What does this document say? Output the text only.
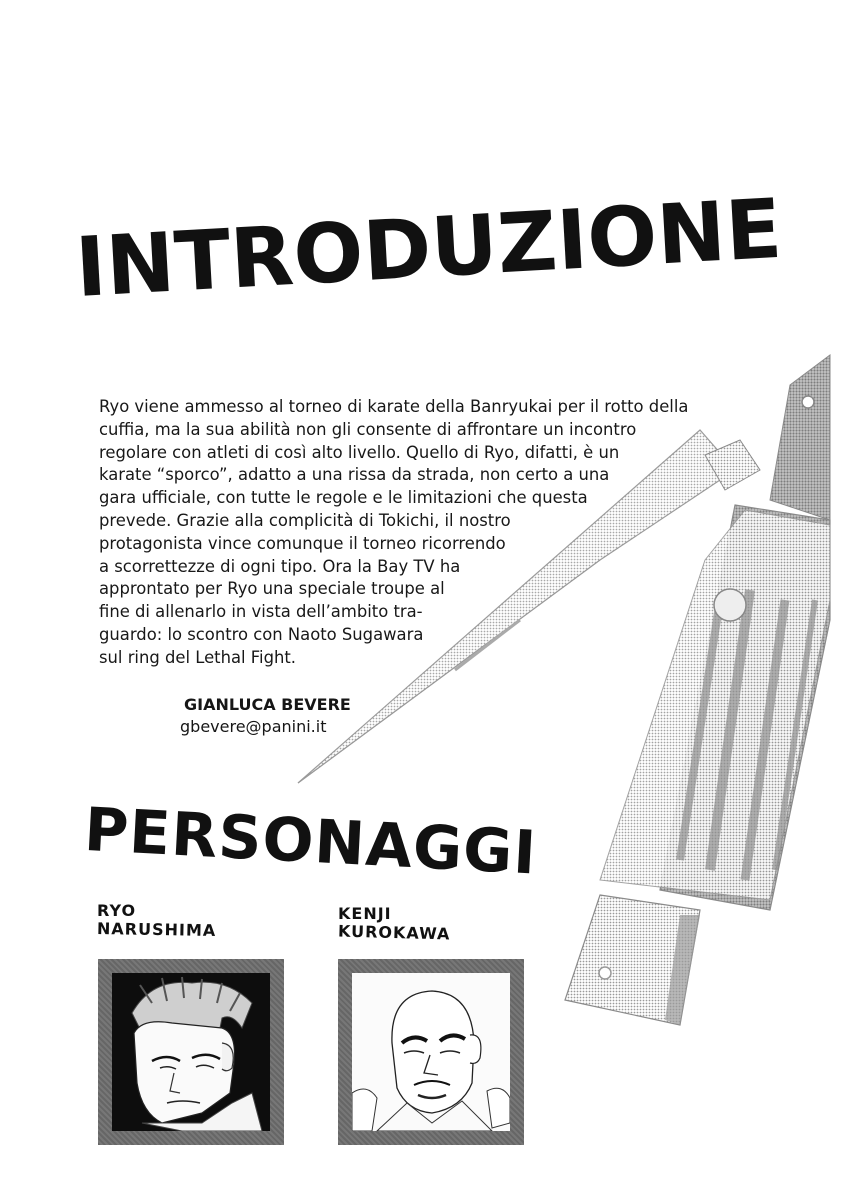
INTRODUZIONE
Ryo viene ammesso al torneo di karate della Banryukai per il rotto della
cuffia, ma la sua abilità non gli consente di affrontare un incontro
regolare con atleti di così alto livello. Quello di Ryo, difatti, è un
karate “sporco”, adatto a una rissa da strada, non certo a una
gara ufficiale, con tutte le regole e le limitazioni che questa
prevede. Grazie alla complicità di Tokichi, il nostro
protagonista vince comunque il torneo ricorrendo
a scorrettezze di ogni tipo. Ora la Bay TV ha
approntato per Ryo una speciale troupe al
fine di allenarlo in vista dell’ambito tra-
guardo: lo scontro con Naoto Sugawara
sul ring del Lethal Fight.
GIANLUCA BEVERE
gbevere@panini.it
PERSONAGGI
RYO
NARUSHIMA
KENJI
KUROKAWA
